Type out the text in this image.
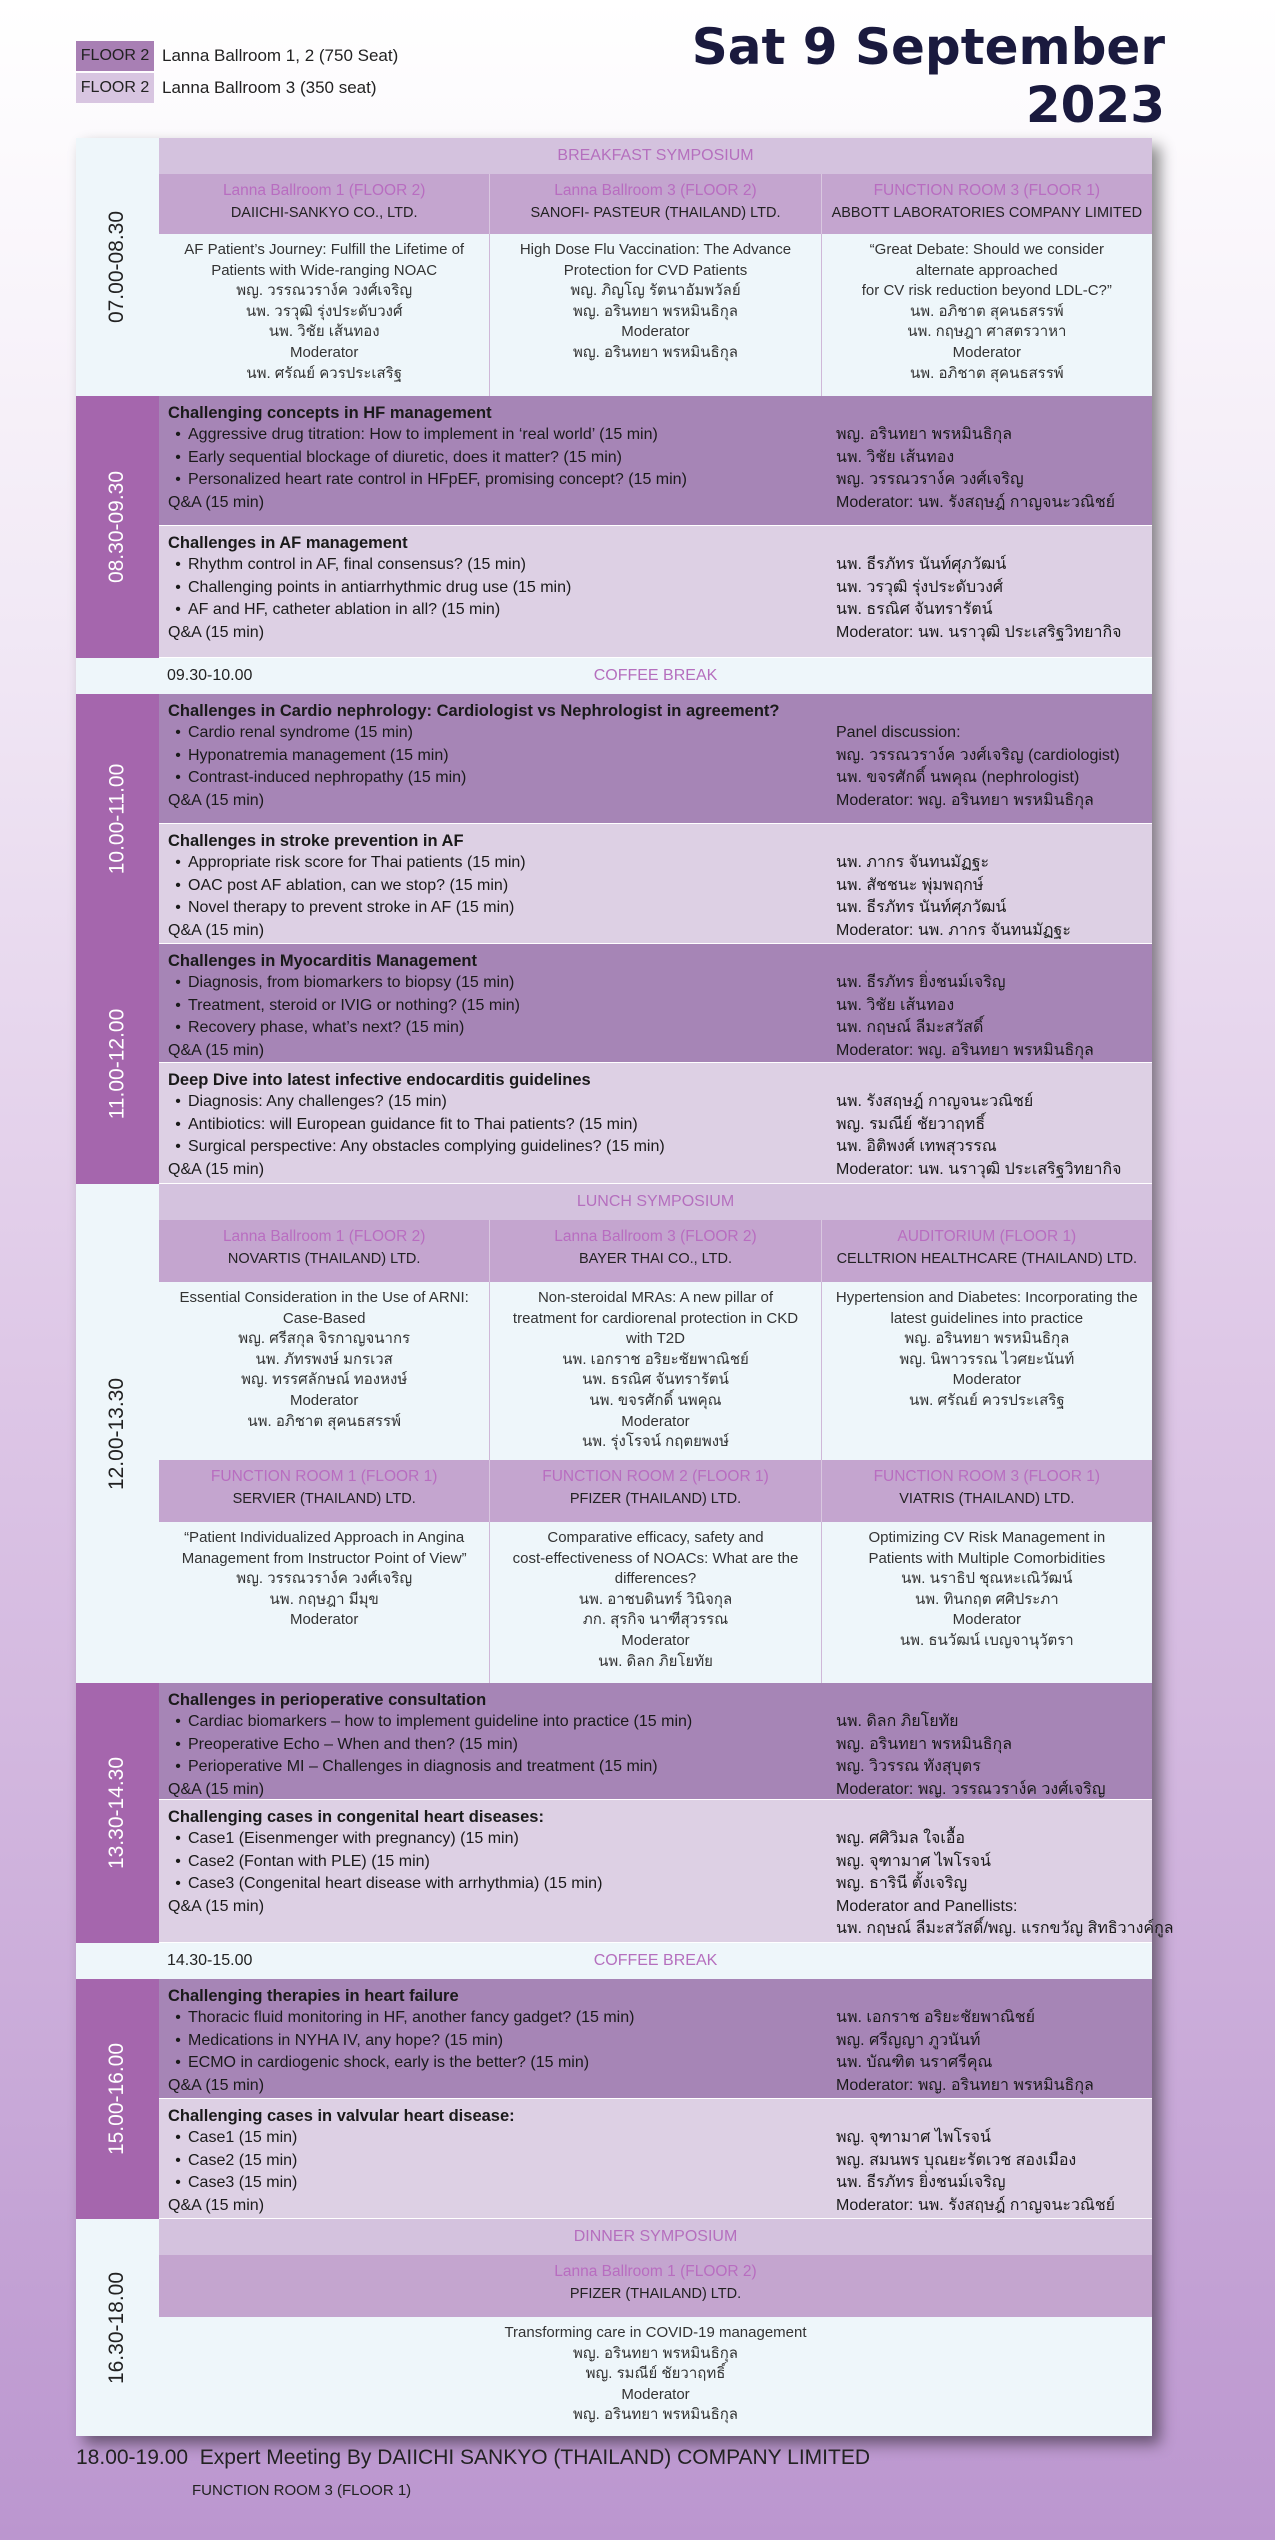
FLOOR 2 Lanna Ballroom 1, 2 (750 Seat)
FLOOR 2 Lanna Ballroom 3 (350 seat)
Sat 9 September 2023
07.00-08.30
BREAKFAST SYMPOSIUM
Lanna Ballroom 1 (FLOOR 2)
DAIICHI-SANKYO CO., LTD.
Lanna Ballroom 3 (FLOOR 2)
SANOFI- PASTEUR (THAILAND) LTD.
FUNCTION ROOM 3 (FLOOR 1)
ABBOTT LABORATORIES COMPANY LIMITED
AF Patient’s Journey: Fulfill the Lifetime of
Patients with Wide-ranging NOAC
พญ. วรรณวราง์ค วงศ์เจริญ
นพ. วรวุฒิ รุ่งประดับวงศ์
นพ. วิชัย เส้นทอง
Moderator
นพ. ศรัณย์ ควรประเสริฐ
High Dose Flu Vaccination: The Advance
Protection for CVD Patients
พญ. ภิญโญ รัตนาอัมพวัลย์
พญ. อรินทยา พรหมินธิกุล
Moderator
พญ. อรินทยา พรหมินธิกุล
“Great Debate: Should we consider
alternate approached
for CV risk reduction beyond LDL-C?”
นพ. อภิชาต สุคนธสรรพ์
นพ. กฤษฎา ศาสตรวาหา
Moderator
นพ. อภิชาต สุคนธสรรพ์
08.30-09.30
Challenging concepts in HF management
• Aggressive drug titration: How to implement in ‘real world’ (15 min)
• Early sequential blockage of diuretic, does it matter? (15 min)
• Personalized heart rate control in HFpEF, promising concept? (15 min)
Q&A (15 min)
พญ. อรินทยา พรหมินธิกุล
นพ. วิชัย เส้นทอง
พญ. วรรณวราง์ค วงศ์เจริญ
Moderator: นพ. รังสฤษฎ์ กาญจนะวณิชย์
Challenges in AF management
• Rhythm control in AF, final consensus? (15 min)
• Challenging points in antiarrhythmic drug use (15 min)
• AF and HF, catheter ablation in all? (15 min)
Q&A (15 min)
นพ. ธีรภัทร นันท์ศุภวัฒน์
นพ. วรวุฒิ รุ่งประดับวงศ์
นพ. ธรณิศ จันทรารัตน์
Moderator: นพ. นราวุฒิ ประเสริฐวิทยากิจ
09.30-10.00	COFFEE BREAK
10.00-11.00
Challenges in Cardio nephrology: Cardiologist vs Nephrologist in agreement?
• Cardio renal syndrome (15 min)
• Hyponatremia management (15 min)
• Contrast-induced nephropathy (15 min)
Q&A (15 min)
Panel discussion:
พญ. วรรณวราง์ค วงศ์เจริญ (cardiologist)
นพ. ขจรศักดิ์ นพคุณ (nephrologist)
Moderator: พญ. อรินทยา พรหมินธิกุล
Challenges in stroke prevention in AF
• Appropriate risk score for Thai patients (15 min)
• OAC post AF ablation, can we stop? (15 min)
• Novel therapy to prevent stroke in AF (15 min)
Q&A (15 min)
นพ. ภากร จันทนมัฏฐะ
นพ. สัชชนะ พุ่มพฤกษ์
นพ. ธีรภัทร นันท์ศุภวัฒน์
Moderator: นพ. ภากร จันทนมัฏฐะ
11.00-12.00
Challenges in Myocarditis Management
• Diagnosis, from biomarkers to biopsy (15 min)
• Treatment, steroid or IVIG or nothing? (15 min)
• Recovery phase, what’s next? (15 min)
Q&A (15 min)
นพ. ธีรภัทร ยิ่งชนม์เจริญ
นพ. วิชัย เส้นทอง
นพ. กฤษณ์ ลีมะสวัสดิ์
Moderator: พญ. อรินทยา พรหมินธิกุล
Deep Dive into latest infective endocarditis guidelines
• Diagnosis: Any challenges? (15 min)
• Antibiotics: will European guidance fit to Thai patients? (15 min)
• Surgical perspective: Any obstacles complying guidelines? (15 min)
Q&A (15 min)
นพ. รังสฤษฎ์ กาญจนะวณิชย์
พญ. รมณีย์ ชัยวาฤทธิ์
นพ. อิติพงศ์ เทพสุวรรณ
Moderator: นพ. นราวุฒิ ประเสริฐวิทยากิจ
12.00-13.30
LUNCH SYMPOSIUM
Lanna Ballroom 1 (FLOOR 2)
NOVARTIS (THAILAND) LTD.
Lanna Ballroom 3 (FLOOR 2)
BAYER THAI CO., LTD.
AUDITORIUM (FLOOR 1)
CELLTRION HEALTHCARE (THAILAND) LTD.
Essential Consideration in the Use of ARNI:
Case-Based
พญ. ศรีสกุล จิรกาญจนากร
นพ. ภัทรพงษ์ มกรเวส
พญ. ทรรศลักษณ์ ทองหงษ์
Moderator
นพ. อภิชาต สุคนธสรรพ์
Non-steroidal MRAs: A new pillar of
treatment for cardiorenal protection in CKD
with T2D
นพ. เอกราช อริยะชัยพาณิชย์
นพ. ธรณิศ จันทรารัตน์
นพ. ขจรศักดิ์ นพคุณ
Moderator
นพ. รุ่งโรจน์ กฤตยพงษ์
Hypertension and Diabetes: Incorporating the
latest guidelines into practice
พญ. อรินทยา พรหมินธิกุล
พญ. นิพาวรรณ ไวศยะนันท์
Moderator
นพ. ศรัณย์ ควรประเสริฐ
FUNCTION ROOM 1 (FLOOR 1)
SERVIER (THAILAND) LTD.
FUNCTION ROOM 2 (FLOOR 1)
PFIZER (THAILAND) LTD.
FUNCTION ROOM 3 (FLOOR 1)
VIATRIS (THAILAND) LTD.
“Patient Individualized Approach in Angina
Management from Instructor Point of View”
พญ. วรรณวราง์ค วงศ์เจริญ
นพ. กฤษฎา มีมุข
Moderator
Comparative efficacy, safety and
cost-effectiveness of NOACs: What are the
differences?
นพ. อาชบดินทร์ วินิจกุล
ภก. สุรกิจ นาฑีสุวรรณ
Moderator
นพ. ดิลก ภิยโยทัย
Optimizing CV Risk Management in
Patients with Multiple Comorbidities
นพ. นราธิป ชุณหะเณิวัฒน์
นพ. ทินกฤต ศศิประภา
Moderator
นพ. ธนวัฒน์ เบญจานุวัตรา
13.30-14.30
Challenges in perioperative consultation
• Cardiac biomarkers – how to implement guideline into practice (15 min)
• Preoperative Echo – When and then? (15 min)
• Perioperative MI – Challenges in diagnosis and treatment (15 min)
Q&A (15 min)
นพ. ดิลก ภิยโยทัย
พญ. อรินทยา พรหมินธิกุล
พญ. วิวรรณ ทังสุบุตร
Moderator: พญ. วรรณวราง์ค วงศ์เจริญ
Challenging cases in congenital heart diseases:
• Case1 (Eisenmenger with pregnancy) (15 min)
• Case2 (Fontan with PLE) (15 min)
• Case3 (Congenital heart disease with arrhythmia) (15 min)
Q&A (15 min)
พญ. ศศิวิมล ใจเอื้อ
พญ. จุฑามาศ ไพโรจน์
พญ. ธารินี ตั้งเจริญ
Moderator and Panellists:
นพ. กฤษณ์ ลีมะสวัสดิ์/พญ. แรกขวัญ สิทธิวางค์กูล
14.30-15.00	COFFEE BREAK
15.00-16.00
Challenging therapies in heart failure
• Thoracic fluid monitoring in HF, another fancy gadget? (15 min)
• Medications in NYHA IV, any hope? (15 min)
• ECMO in cardiogenic shock, early is the better? (15 min)
Q&A (15 min)
นพ. เอกราช อริยะชัยพาณิชย์
พญ. ศรีญญา ภูวนันท์
นพ. บัณฑิต นราศรีคุณ
Moderator: พญ. อรินทยา พรหมินธิกุล
Challenging cases in valvular heart disease:
• Case1 (15 min)
• Case2 (15 min)
• Case3 (15 min)
Q&A (15 min)
พญ. จุฑามาศ ไพโรจน์
พญ. สมนพร บุณยะรัตเวช สองเมือง
นพ. ธีรภัทร ยิ่งชนม์เจริญ
Moderator: นพ. รังสฤษฎ์ กาญจนะวณิชย์
16.30-18.00
DINNER SYMPOSIUM
Lanna Ballroom 1 (FLOOR 2)
PFIZER (THAILAND) LTD.
Transforming care in COVID-19 management
พญ. อรินทยา พรหมินธิกุล
พญ. รมณีย์ ชัยวาฤทธิ์
Moderator
พญ. อรินทยา พรหมินธิกุล
18.00-19.00 Expert Meeting By DAIICHI SANKYO (THAILAND) COMPANY LIMITED
FUNCTION ROOM 3 (FLOOR 1)
